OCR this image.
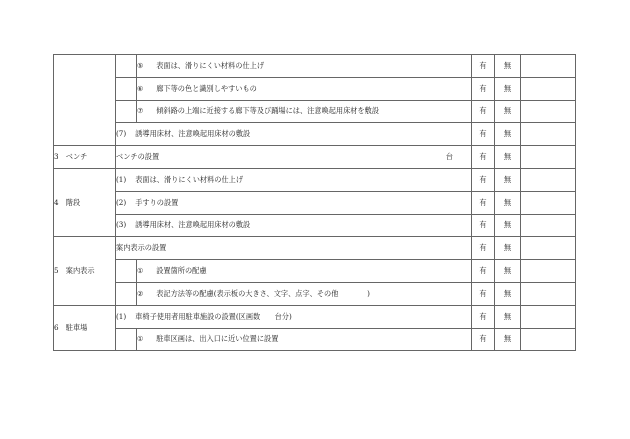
		⑤　 表面は、滑りにくい材料の仕上げ	有	無	
		⑥　 廊下等の色と識別しやすいもの	有	無	
		⑦　 傾斜路の上端に近接する廊下等及び踊場には、注意喚起用床材を敷設	有	無	
	(7)　 誘導用床材、注意喚起用床材の敷設		有	無	
3　ベンチ	ベンチの設置 台		有	無	
4　階段	(1)　 表面は、滑りにくい材料の仕上げ		有	無	
	(2)　 手すりの設置		有	無	
	(3)　 誘導用床材、注意喚起用床材の敷設		有	無	
5　案内表示	案内表示の設置		有	無	
		①　 設置箇所の配慮	有	無	
		②　 表記方法等の配慮(表示板の大きさ、文字、点字、その他　　　　)	有	無	
6　駐車場	(1)　 車椅子使用者用駐車施設の設置(区画数　　台分)		有	無	
		①　 駐車区画は、出入口に近い位置に設置	有	無	
